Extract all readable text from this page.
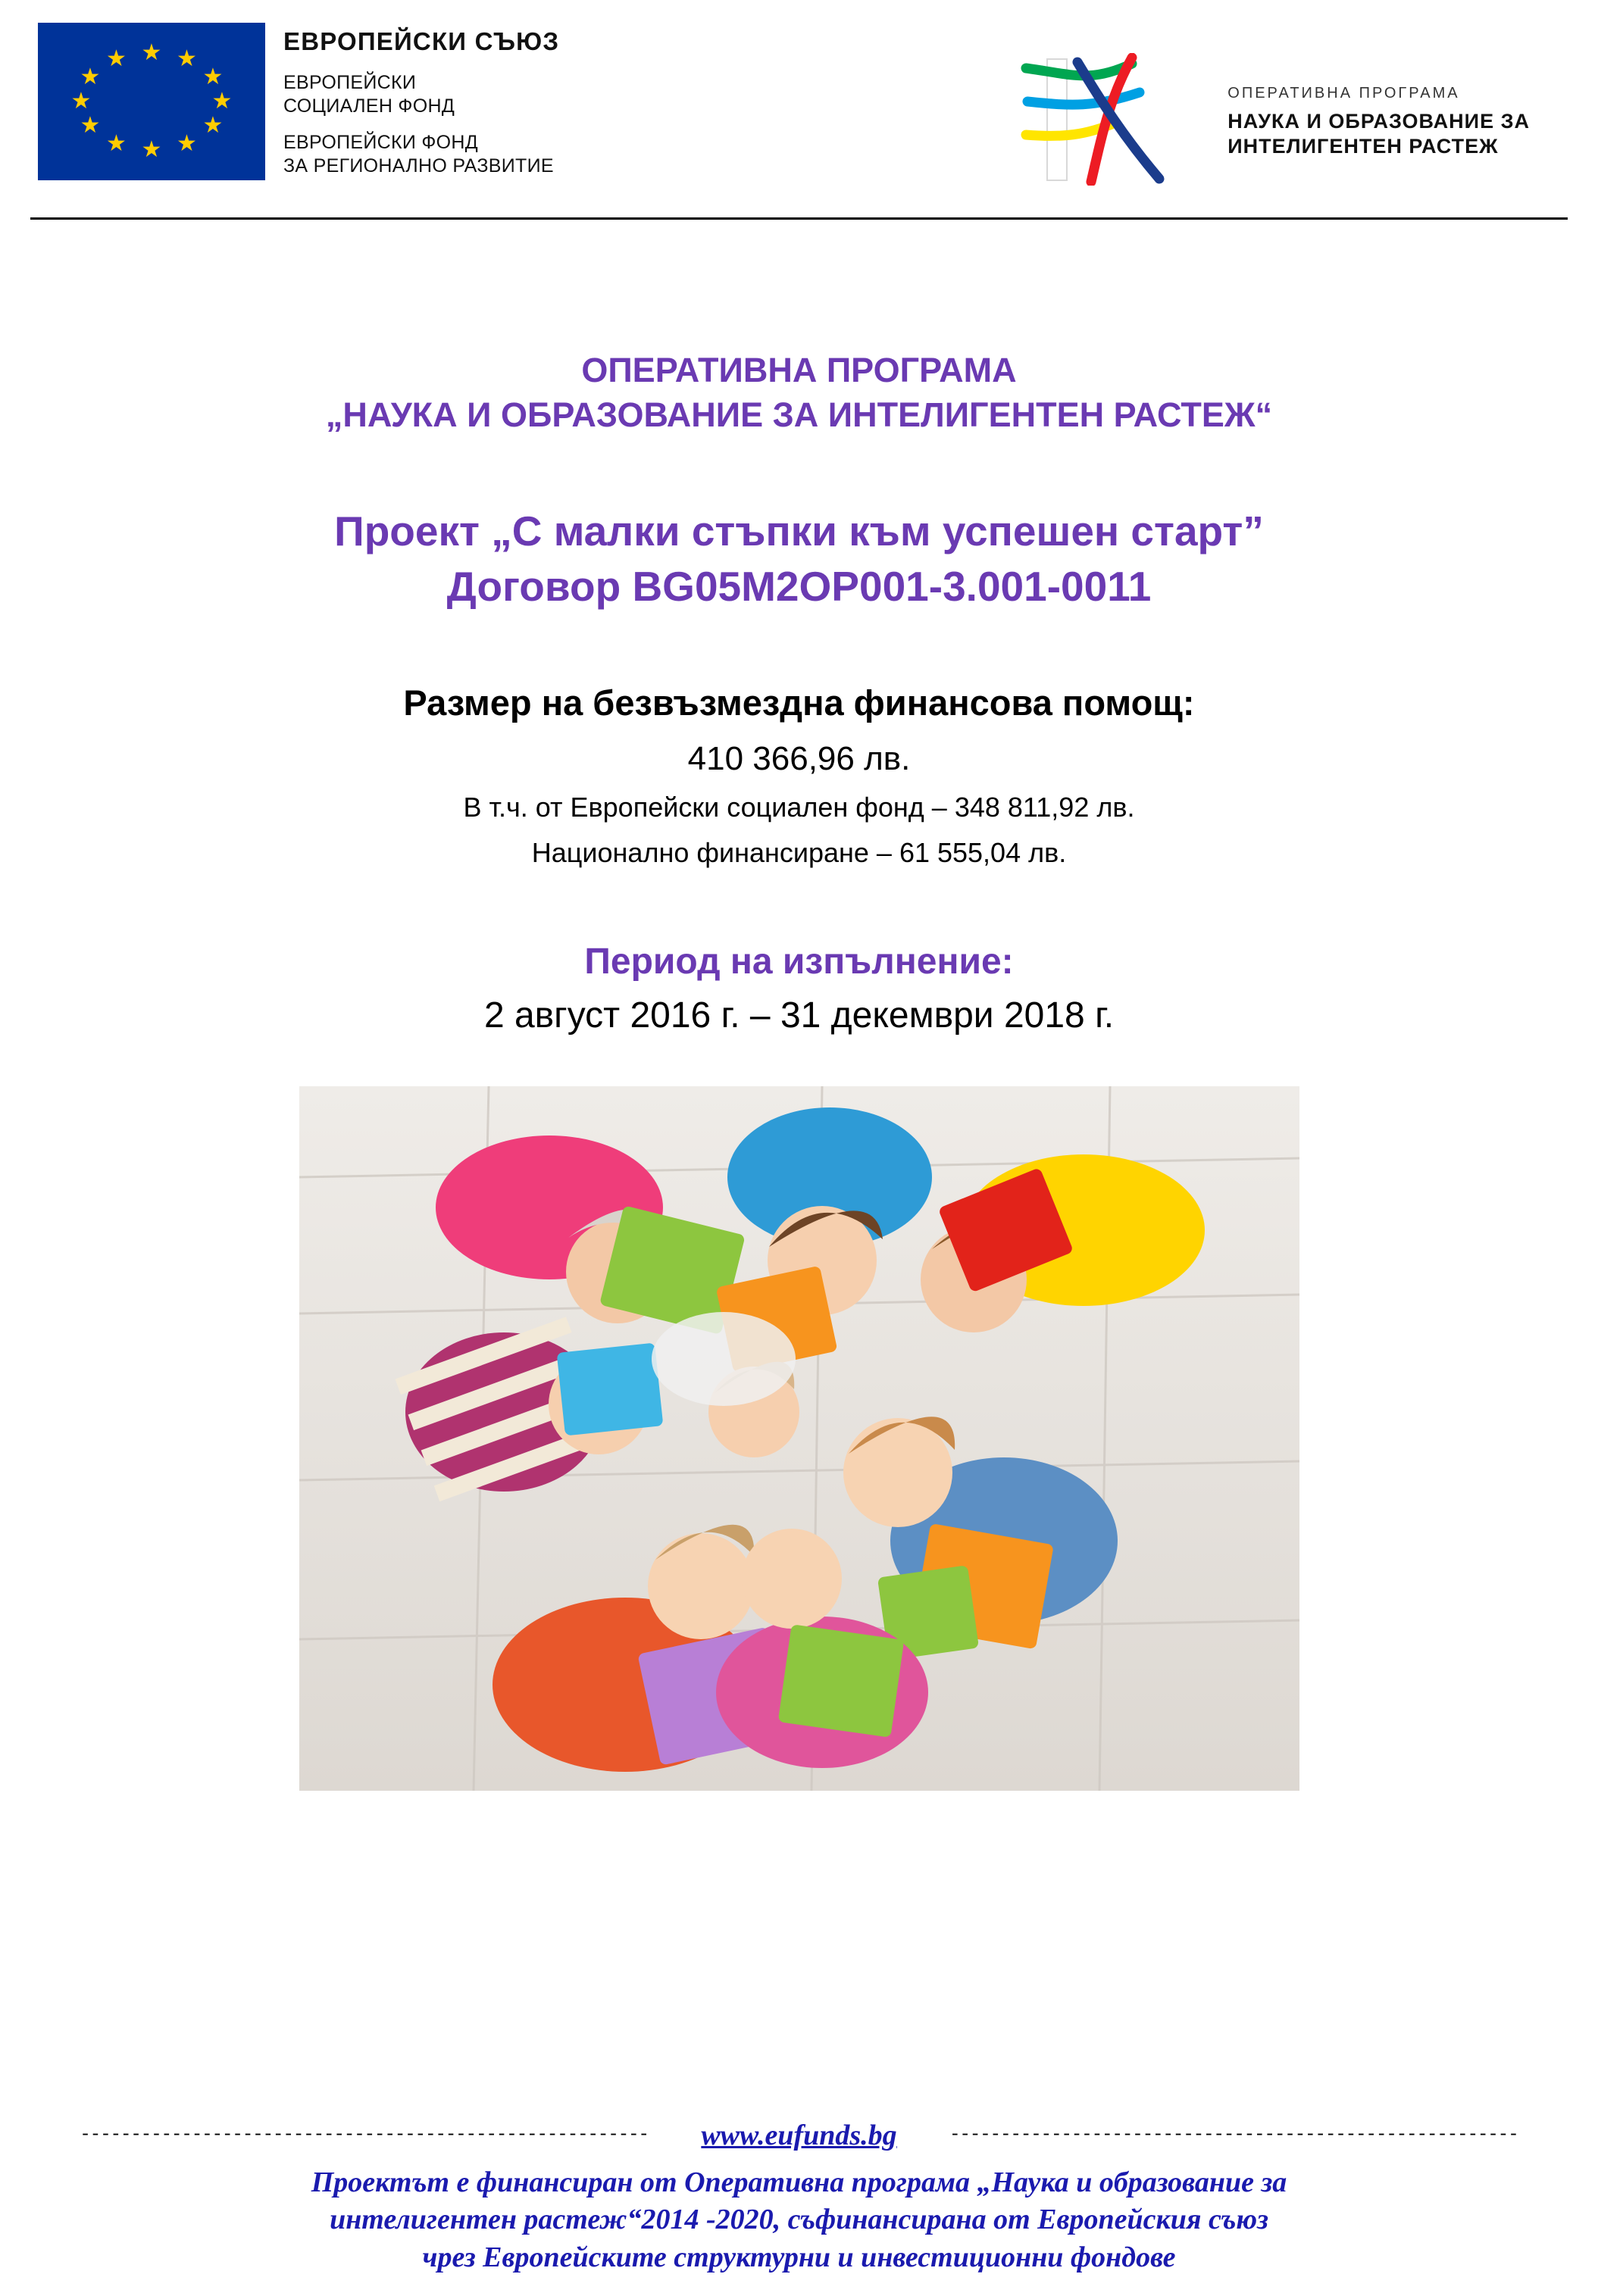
★ ★
★
★
★
★
★
★
★
★
★
★
ЕВРОПЕЙСКИ СЪЮЗ
ЕВРОПЕЙСКИ
СОЦИАЛЕН ФОНД
ЕВРОПЕЙСКИ ФОНД
ЗА РЕГИОНАЛНО РАЗВИТИЕ
ОПЕРАТИВНА ПРОГРАМА
НАУКА И ОБРАЗОВАНИЕ ЗА
ИНТЕЛИГЕНТЕН РАСТЕЖ
ОПЕРАТИВНА ПРОГРАМА
„НАУКА И ОБРАЗОВАНИЕ ЗА ИНТЕЛИГЕНТЕН РАСТЕЖ“
Проект „С малки стъпки към успешен старт”
Договор BG05M2OP001-3.001-0011
Размер на безвъзмездна финансова помощ:
410 366,96 лв.
В т.ч. от Европейски социален фонд – 348 811,92 лв.
Национално финансиране – 61 555,04 лв.
Период на изпълнение:
2 август 2016 г. – 31 декември 2018 г.
--------------------------------------------------------	www.eufunds.bg	--------------------------------------------------------
Проектът е финансиран от Оперативна програма „Наука и образование за
интелигентен растеж“2014 -2020, съфинансирана от Европейския съюз
чрез Европейските структурни и инвестиционни фондове
